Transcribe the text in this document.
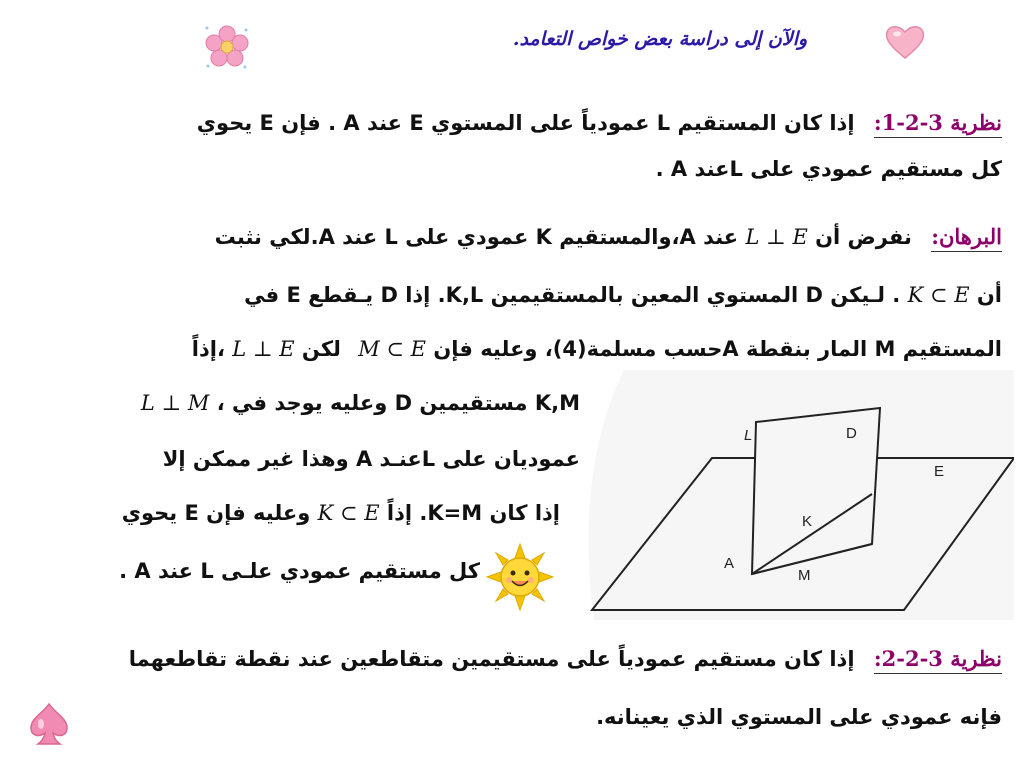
والآن إلى دراسة بعض خواص التعامد.
نظرية 3-2-1: إذا كان المستقيم L عمودياً على المستوي E عند A . فإن E يحوي
كل مستقيم عمودي على Lعند A .
البرهان: نفرض أن L ⊥ E عند A،والمستقيم K عمودي على L عند A.لكي نثبت
أن K ⊂ E . لـيكن D المستوي المعين بالمستقيمين K,L. إذا D يـقطع E في
المستقيم M المار بنقطة Aحسب مسلمة(4)، وعليه فإن M ⊂ E لكن L ⊥ E ،إذاً
K,M مستقيمين D وعليه يوجد في ، L ⊥ M
عموديان على Lعنـد A وهذا غير ممكن إلا
إذا كان K=M. إذاً K ⊂ E وعليه فإن E يحوي
كل مستقيم عمودي علـى L عند A .
L	D
E
K
A
M
نظرية 3-2-2: إذا كان مستقيم عمودياً على مستقيمين متقاطعين عند نقطة تقاطعهما
فإنه عمودي على المستوي الذي يعينانه.
